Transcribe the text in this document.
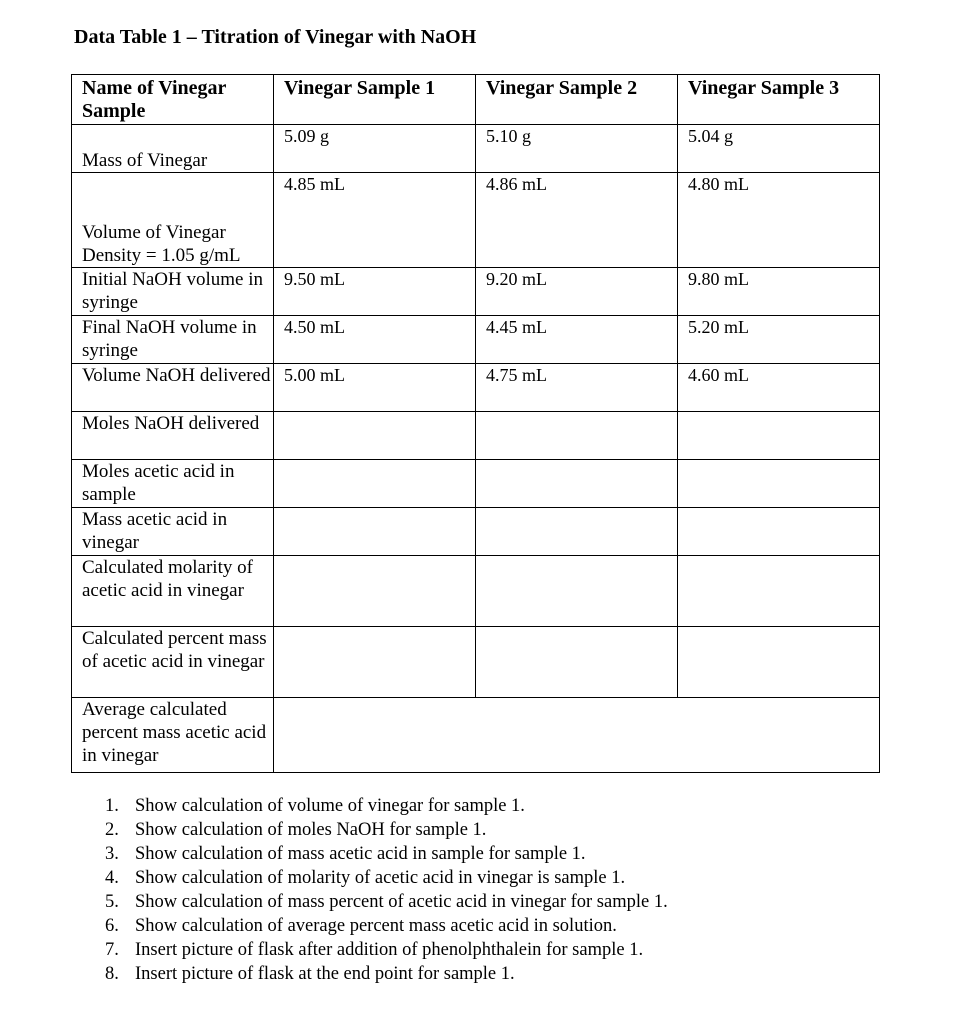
Data Table 1 – Titration of Vinegar with NaOH
Name of Vinegar Sample	Vinegar Sample 1	Vinegar Sample 2	Vinegar Sample 3
Mass of Vinegar	5.09 g	5.10 g	5.04 g
Volume of Vinegar Density = 1.05 g/mL	4.85 mL	4.86 mL	4.80 mL
Initial NaOH volume in syringe	9.50 mL	9.20 mL	9.80 mL
Final NaOH volume in syringe	4.50 mL	4.45 mL	5.20 mL
Volume NaOH delivered	5.00 mL	4.75 mL	4.60 mL
Moles NaOH delivered			
Moles acetic acid in sample			
Mass acetic acid in vinegar			
Calculated molarity of acetic acid in vinegar			
Calculated percent mass of acetic acid in vinegar			
Average calculated percent mass acetic acid in vinegar			
1. Show calculation of volume of vinegar for sample 1.
2. Show calculation of moles NaOH for sample 1.
3. Show calculation of mass acetic acid in sample for sample 1.
4. Show calculation of molarity of acetic acid in vinegar is sample 1.
5. Show calculation of mass percent of acetic acid in vinegar for sample 1.
6. Show calculation of average percent mass acetic acid in solution.
7. Insert picture of flask after addition of phenolphthalein for sample 1.
8. Insert picture of flask at the end point for sample 1.
